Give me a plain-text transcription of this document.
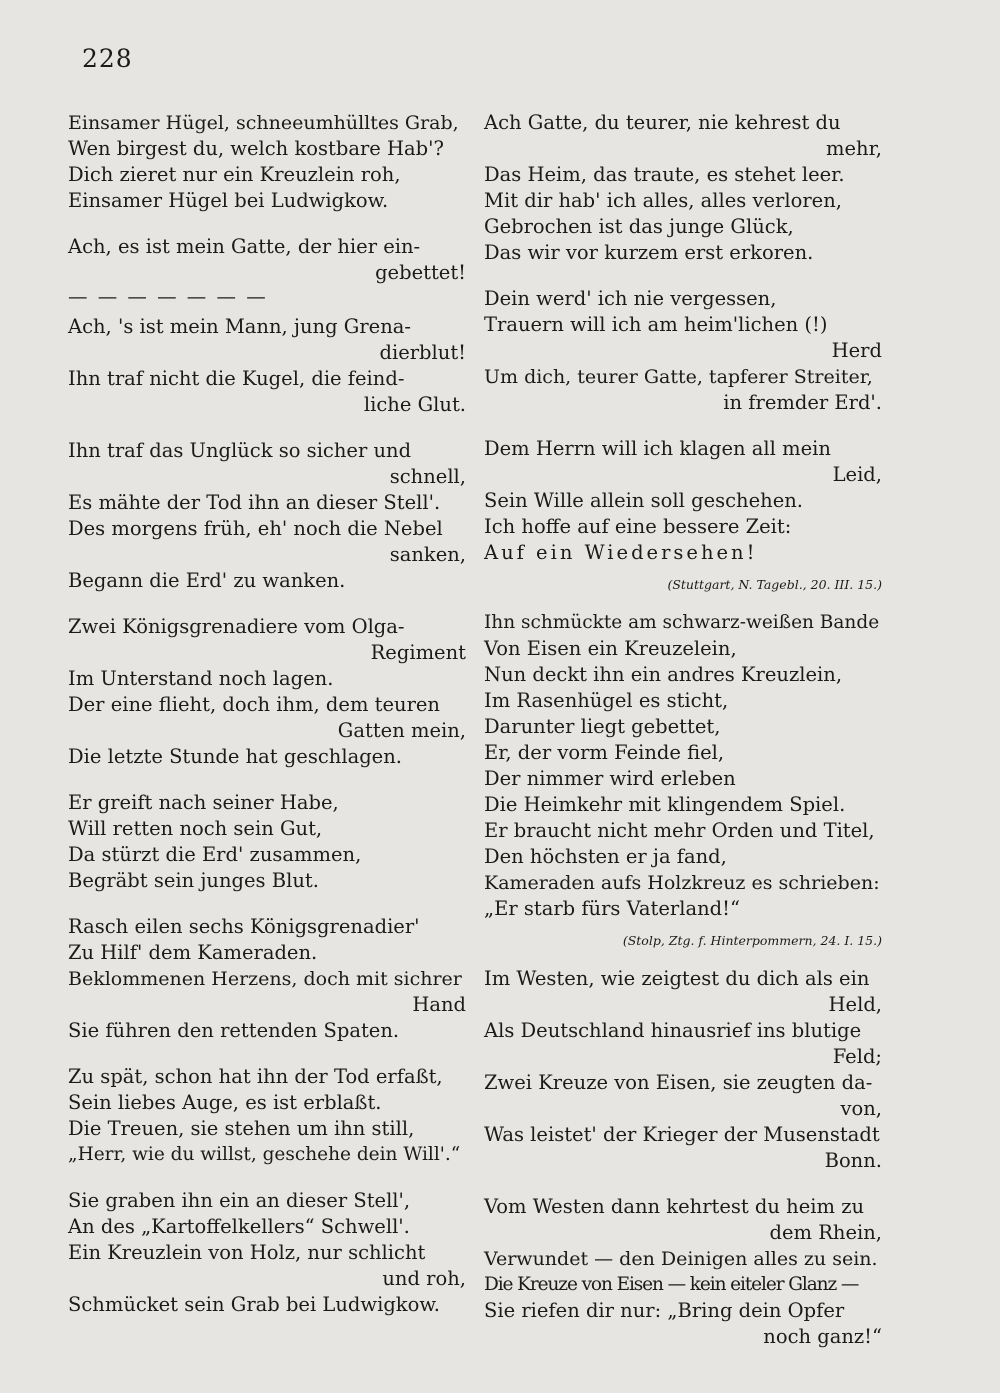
228
Einsamer Hügel, schneeumhülltes Grab,
Wen birgest du, welch kostbare Hab'?
Dich zieret nur ein Kreuzlein roh,
Einsamer Hügel bei Ludwigkow.
Ach, es ist mein Gatte, der hier ein-
gebettet!
— — — — — — —
Ach, 's ist mein Mann, jung Grena-
dierblut!
Ihn traf nicht die Kugel, die feind-
liche Glut.
Ihn traf das Unglück so sicher und
schnell,
Es mähte der Tod ihn an dieser Stell'.
Des morgens früh, eh' noch die Nebel
sanken,
Begann die Erd' zu wanken.
Zwei Königsgrenadiere vom Olga-
Regiment
Im Unterstand noch lagen.
Der eine flieht, doch ihm, dem teuren
Gatten mein,
Die letzte Stunde hat geschlagen.
Er greift nach seiner Habe,
Will retten noch sein Gut,
Da stürzt die Erd' zusammen,
Begräbt sein junges Blut.
Rasch eilen sechs Königsgrenadier'
Zu Hilf' dem Kameraden.
Beklommenen Herzens, doch mit sichrer
Hand
Sie führen den rettenden Spaten.
Zu spät, schon hat ihn der Tod erfaßt,
Sein liebes Auge, es ist erblaßt.
Die Treuen, sie stehen um ihn still,
„Herr, wie du willst, geschehe dein Will'.“
Sie graben ihn ein an dieser Stell',
An des „Kartoffelkellers“ Schwell'.
Ein Kreuzlein von Holz, nur schlicht
und roh,
Schmücket sein Grab bei Ludwigkow.
Ach Gatte, du teurer, nie kehrest du
mehr,
Das Heim, das traute, es stehet leer.
Mit dir hab' ich alles, alles verloren,
Gebrochen ist das junge Glück,
Das wir vor kurzem erst erkoren.
Dein werd' ich nie vergessen,
Trauern will ich am heim'lichen (!)
Herd
Um dich, teurer Gatte, tapferer Streiter,
in fremder Erd'.
Dem Herrn will ich klagen all mein
Leid,
Sein Wille allein soll geschehen.
Ich hoffe auf eine bessere Zeit:
Auf ein Wiedersehen!
(Stuttgart, N. Tagebl., 20. III. 15.)
Ihn schmückte am schwarz-weißen Bande
Von Eisen ein Kreuzelein,
Nun deckt ihn ein andres Kreuzlein,
Im Rasenhügel es sticht,
Darunter liegt gebettet,
Er, der vorm Feinde fiel,
Der nimmer wird erleben
Die Heimkehr mit klingendem Spiel.
Er braucht nicht mehr Orden und Titel,
Den höchsten er ja fand,
Kameraden aufs Holzkreuz es schrieben:
„Er starb fürs Vaterland!“
(Stolp, Ztg. f. Hinterpommern, 24. I. 15.)
Im Westen, wie zeigtest du dich als ein
Held,
Als Deutschland hinausrief ins blutige
Feld;
Zwei Kreuze von Eisen, sie zeugten da-
von,
Was leistet' der Krieger der Musenstadt
Bonn.
Vom Westen dann kehrtest du heim zu
dem Rhein,
Verwundet — den Deinigen alles zu sein.
Die Kreuze von Eisen — kein eiteler Glanz —
Sie riefen dir nur: „Bring dein Opfer
noch ganz!“
